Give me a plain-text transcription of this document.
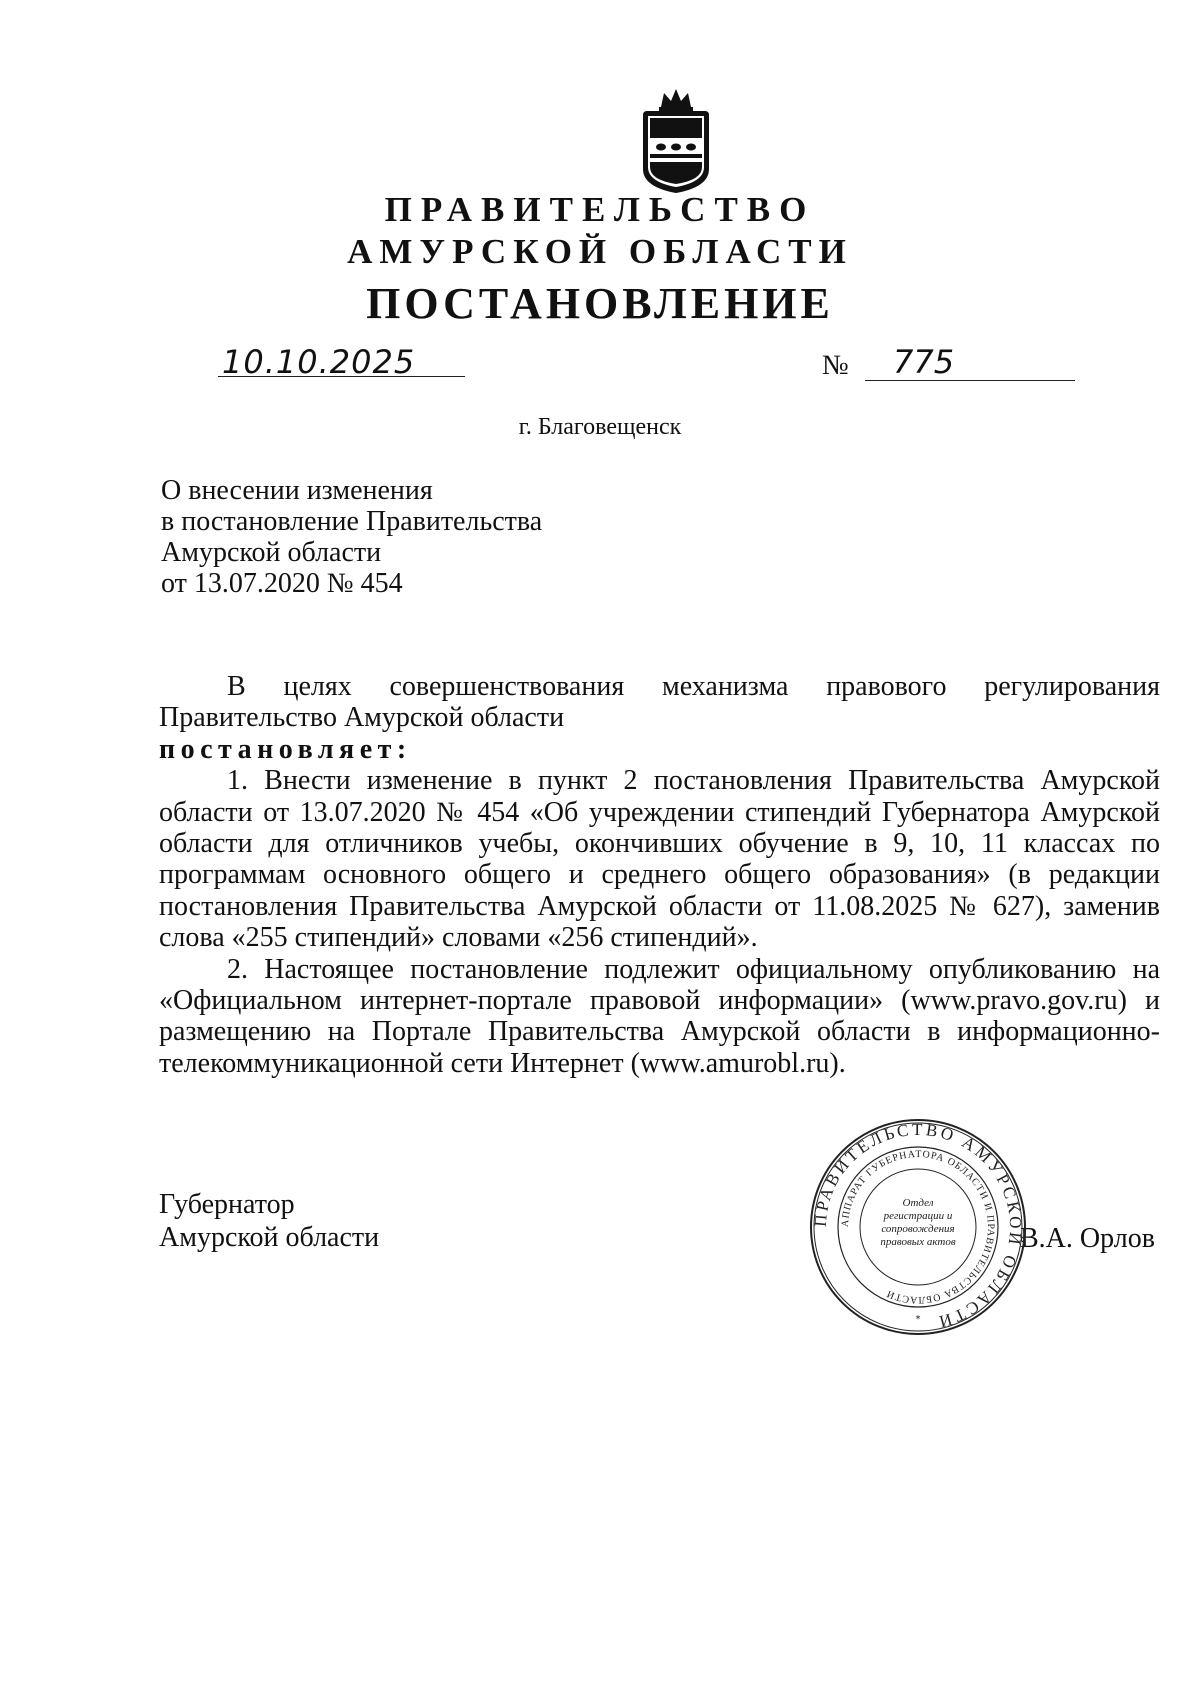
ПРАВИТЕЛЬСТВО
АМУРСКОЙ ОБЛАСТИ
ПОСТАНОВЛЕНИЕ
10.10.2025	№ 775
г. Благовещенск
О внесении изменения
в постановление Правительства
Амурской области
от 13.07.2020 № 454

В целях совершенствования механизма правового регулирования

Правительство Амурской области

постановляет:

1. Внести изменение в пункт 2 постановления Правительства Амурской области от 13.07.2020 № 454 «Об учреждении стипендий Губернатора Амурской области для отличников учебы, окончивших обучение в 9, 10, 11 классах по программам основного общего и среднего общего образования» (в редакции постановления Правительства Амурской области от 11.08.2025 № 627), заменив слова «255 стипендий» словами «256 стипендий».

2. Настоящее постановление подлежит официальному опубликованию на «Официальном интернет-портале правовой информации» (www.pravo.gov.ru) и размещению на Портале Правительства Амурской области в информационно-телекоммуникационной сети Интернет (www.amurobl.ru).

Губернатор
Амурской области	В.А. Орлов
ПРАВИТЕЛЬСТВО АМУРСКОЙ ОБЛАСТИ
АППАРАТ ГУБЕРНАТОРА ОБЛАСТИ И ПРАВИТЕЛЬСТВА ОБЛАСТИ
Отдел регистрации и сопровождения правовых актов
*
